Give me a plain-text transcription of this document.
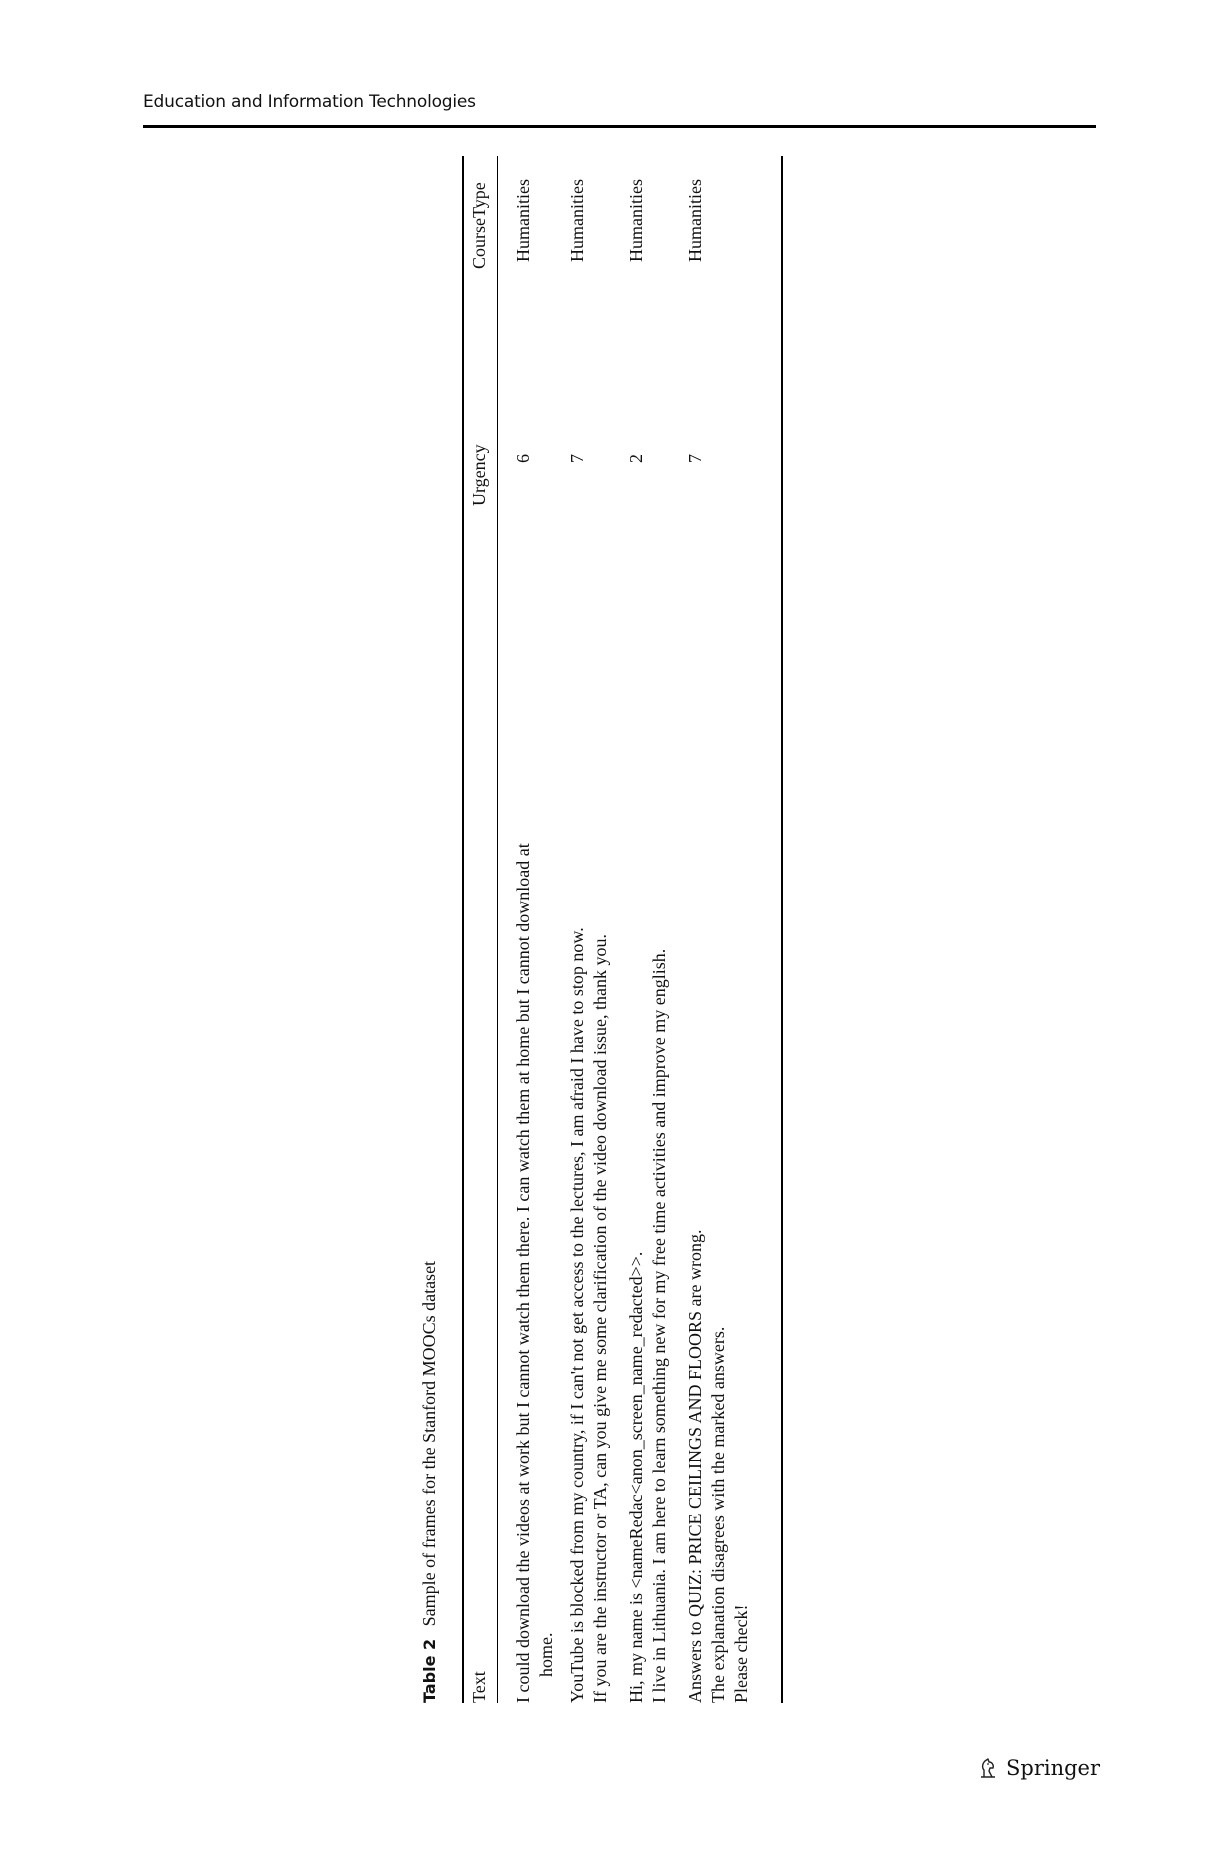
Education and Information Technologies
Table 2 Sample of frames for the Stanford MOOCs dataset
Text
Urgency
CourseType
I could download the videos at work but I cannot watch them there. I can watch them at home but I cannot download at home.
6
Humanities
YouTube is blocked from my country, if I can't not get access to the lectures, I am afraid I have to stop now. If you are the instructor or TA, can you give me some clarification of the video download issue, thank you.
7
Humanities
Hi, my name is <nameRedac<anon_screen_name_redacted>>. I live in Lithuania. I am here to learn something new for my free time activities and improve my english.
2
Humanities
Answers to QUIZ: PRICE CEILINGS AND FLOORS are wrong. The explanation disagrees with the marked answers. Please check!
7
Humanities
Springer
